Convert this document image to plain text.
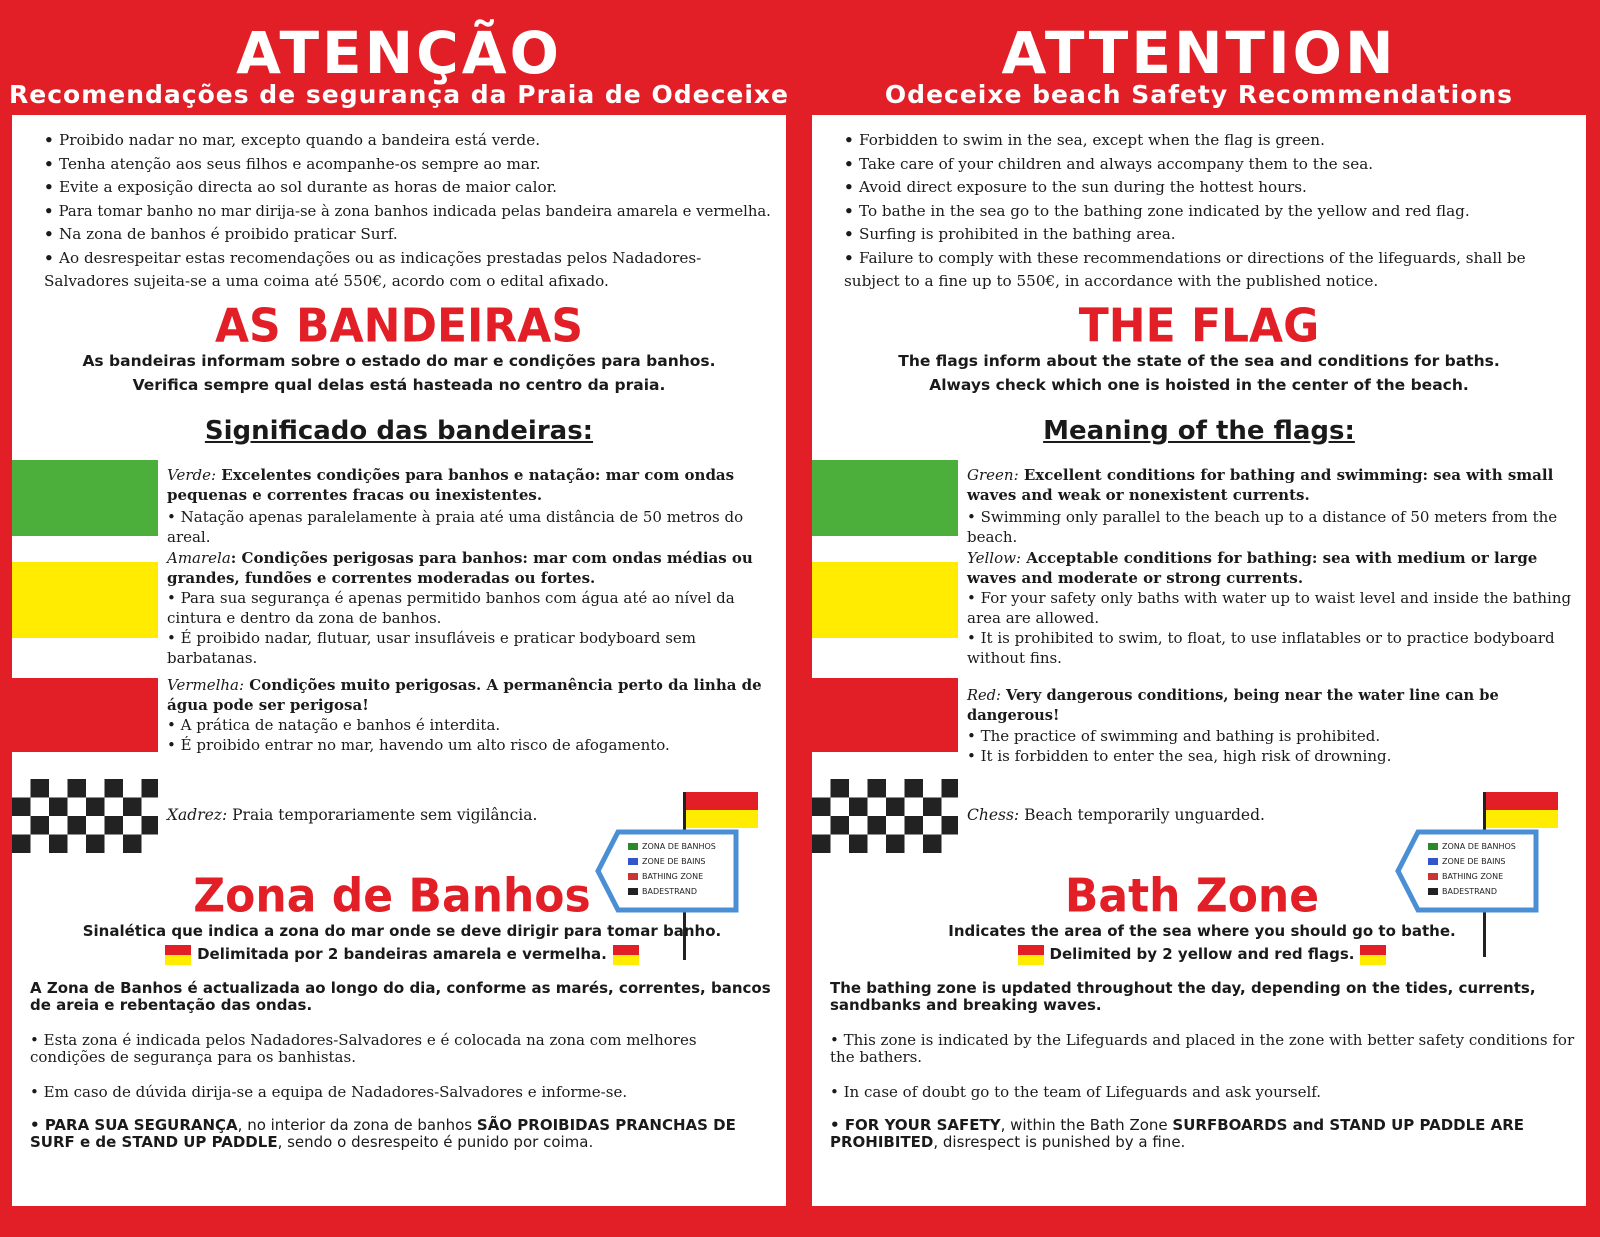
ATENÇÃO
Recomendações de segurança da Praia de Odeceixe
• Proibido nadar no mar, excepto quando a bandeira está verde.
• Tenha atenção aos seus filhos e acompanhe-os sempre ao mar.
• Evite a exposição directa ao sol durante as horas de maior calor.
• Para tomar banho no mar dirija-se à zona banhos indicada pelas bandeira amarela e vermelha.
• Na zona de banhos é proibido praticar Surf.
• Ao desrespeitar estas recomendações ou as indicações prestadas pelos Nadadores-Salvadores sujeita-se a uma coima até 550€, acordo com o edital afixado.
AS BANDEIRAS
As bandeiras informam sobre o estado do mar e condições para banhos.
Verifica sempre qual delas está hasteada no centro da praia.
Significado das bandeiras:
Verde: Excelentes condições para banhos e natação: mar com ondas pequenas e correntes fracas ou inexistentes.
• Natação apenas paralelamente à praia até uma distância de 50 metros do areal.
Amarela: Condições perigosas para banhos: mar com ondas médias ou grandes, fundões e correntes moderadas ou fortes.
• Para sua segurança é apenas permitido banhos com água até ao nível da cintura e dentro da zona de banhos.
• É proibido nadar, flutuar, usar insufláveis e praticar bodyboard sem barbatanas.
Vermelha: Condições muito perigosas. A permanência perto da linha de água pode ser perigosa!
• A prática de natação e banhos é interdita.
• É proibido entrar no mar, havendo um alto risco de afogamento.
Xadrez: Praia temporariamente sem vigilância.
ZONA DE BANHOS
ZONE DE BAINS
BATHING ZONE
BADESTRAND
Zona de Banhos
Sinalética que indica a zona do mar onde se deve dirigir para tomar banho.
Delimitada por 2 bandeiras amarela e vermelha.
A Zona de Banhos é actualizada ao longo do dia, conforme as marés, correntes, bancos de areia e rebentação das ondas.
• Esta zona é indicada pelos Nadadores-Salvadores e é colocada na zona com melhores condições de segurança para os banhistas.
• Em caso de dúvida dirija-se a equipa de Nadadores-Salvadores e informe-se.
• PARA SUA SEGURANÇA, no interior da zona de banhos SÃO PROIBIDAS PRANCHAS DE SURF e de STAND UP PADDLE, sendo o desrespeito é punido por coima.
ATTENTION
Odeceixe beach Safety Recommendations
• Forbidden to swim in the sea, except when the flag is green.
• Take care of your children and always accompany them to the sea.
• Avoid direct exposure to the sun during the hottest hours.
• To bathe in the sea go to the bathing zone indicated by the yellow and red flag.
• Surfing is prohibited in the bathing area.
• Failure to comply with these recommendations or directions of the lifeguards, shall be subject to a fine up to 550€, in accordance with the published notice.
THE FLAG
The flags inform about the state of the sea and conditions for baths.
Always check which one is hoisted in the center of the beach.
Meaning of the flags:
Green: Excellent conditions for bathing and swimming: sea with small waves and weak or nonexistent currents.
• Swimming only parallel to the beach up to a distance of 50 meters from the beach.
Yellow: Acceptable conditions for bathing: sea with medium or large waves and moderate or strong currents.
• For your safety only baths with water up to waist level and inside the bathing area are allowed.
• It is prohibited to swim, to float, to use inflatables or to practice bodyboard without fins.
Red: Very dangerous conditions, being near the water line can be dangerous!
• The practice of swimming and bathing is prohibited.
• It is forbidden to enter the sea, high risk of drowning.
Chess: Beach temporarily unguarded.
ZONA DE BANHOS
ZONE DE BAINS
BATHING ZONE
BADESTRAND
Bath Zone
Indicates the area of the sea where you should go to bathe.
Delimited by 2 yellow and red flags.
The bathing zone is updated throughout the day, depending on the tides, currents, sandbanks and breaking waves.
• This zone is indicated by the Lifeguards and placed in the zone with better safety conditions for the bathers.
• In case of doubt go to the team of Lifeguards and ask yourself.
• FOR YOUR SAFETY, within the Bath Zone SURFBOARDS and STAND UP PADDLE ARE PROHIBITED, disrespect is punished by a fine.
